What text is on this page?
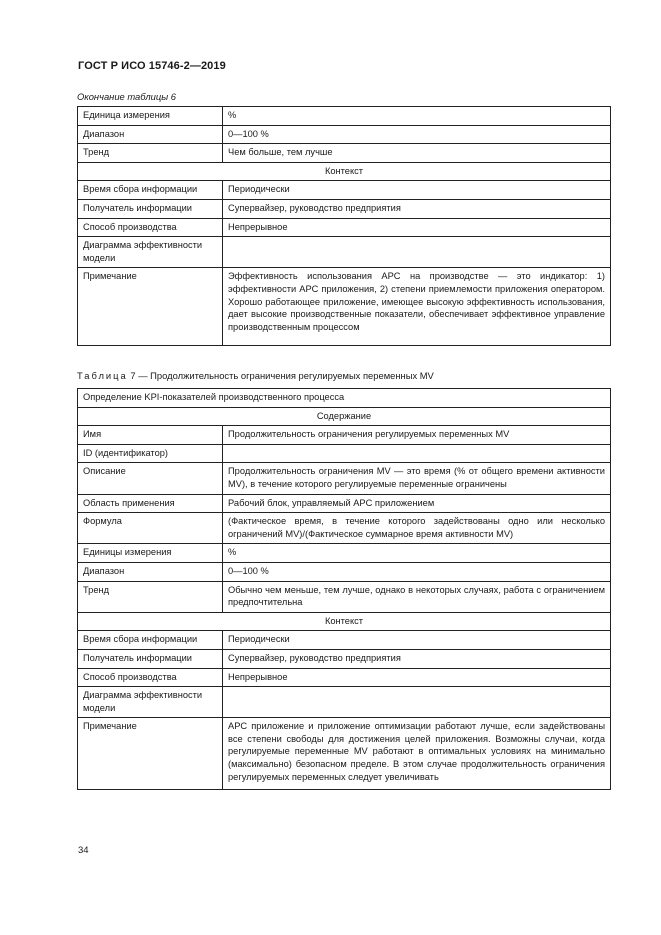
ГОСТ Р ИСО 15746-2—2019
Окончание таблицы 6
Единица измерения	%
Диапазон	0—100 %
Тренд	Чем больше, тем лучше
Контекст	
Время сбора информации	Периодически
Получатель информации	Супервайзер, руководство предприятия
Способ производства	Непрерывное
Диаграмма эффективности модели	
Примечание	Эффективность использования APC на производстве — это индикатор: 1) эффективности APC приложения, 2) степени приемлемости приложения оператором. Хорошо работающее приложение, имеющее высокую эффективность использования, дает высокие производственные показатели, обеспечивает эффективное управление производственным процессом
Таблица 7 — Продолжительность ограничения регулируемых переменных MV
Определение KPI-показателей производственного процесса	
Содержание	
Имя	Продолжительность ограничения регулируемых переменных MV
ID (идентификатор)	
Описание	Продолжительность ограничения MV — это время (% от общего времени активности MV), в течение которого регулируемые переменные ограничены
Область применения	Рабочий блок, управляемый APC приложением
Формула	(Фактическое время, в течение которого задействованы одно или несколько ограничений MV)/(Фактическое суммарное время активности MV)
Единицы измерения	%
Диапазон	0—100 %
Тренд	Обычно чем меньше, тем лучше, однако в некоторых случаях, работа с ограничением предпочтительна
Контекст	
Время сбора информации	Периодически
Получатель информации	Супервайзер, руководство предприятия
Способ производства	Непрерывное
Диаграмма эффективности модели	
Примечание	APC приложение и приложение оптимизации работают лучше, если задействованы все степени свободы для достижения целей приложения. Возможны случаи, когда регулируемые переменные MV работают в оптимальных условиях на минимально (максимально) безопасном пределе. В этом случае продолжительность ограничения регулируемых переменных следует увеличивать
34
